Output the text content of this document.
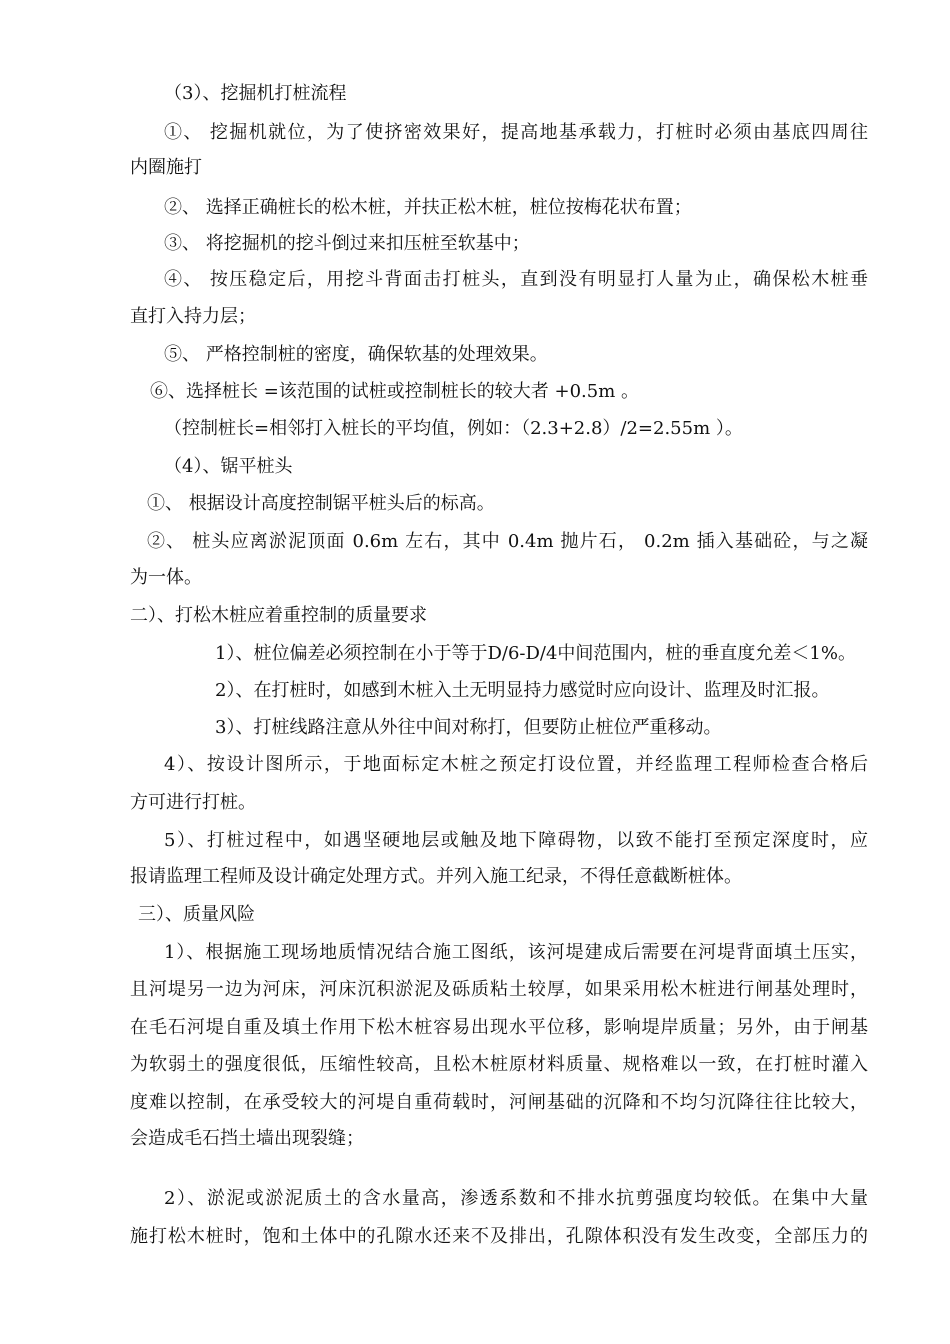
（3）、挖掘机打桩流程
①、 挖掘机就位，为了使挤密效果好，提高地基承载力，打桩时必须由基底四周往
内圈施打
②、 选择正确桩长的松木桩，并扶正松木桩，桩位按梅花状布置；
③、 将挖掘机的挖斗倒过来扣压桩至软基中；
④、 按压稳定后，用挖斗背面击打桩头，直到没有明显打人量为止，确保松木桩垂
直打入持力层；
⑤、 严格控制桩的密度，确保软基的处理效果。
⑥、选择桩长 =该范围的试桩或控制桩长的较大者 +0.5m 。
（控制桩长=相邻打入桩长的平均值，例如：（2.3+2.8）/2=2.55m ）。
（4）、锯平桩头
①、 根据设计高度控制锯平桩头后的标高。
②、 桩头应离淤泥顶面 0.6m 左右，其中 0.4m 抛片石， 0.2m 插入基础砼，与之凝
为一体。
二）、打松木桩应着重控制的质量要求
1）、桩位偏差必须控制在小于等于D/6-D/4中间范围内，桩的垂直度允差＜1%。
2）、在打桩时，如感到木桩入土无明显持力感觉时应向设计、监理及时汇报。
3）、打桩线路注意从外往中间对称打，但要防止桩位严重移动。
4）、按设计图所示，于地面标定木桩之预定打设位置，并经监理工程师检查合格后
方可进行打桩。
5）、打桩过程中，如遇坚硬地层或触及地下障碍物，以致不能打至预定深度时，应
报请监理工程师及设计确定处理方式。并列入施工纪录，不得任意截断桩体。
三）、质量风险
1）、根据施工现场地质情况结合施工图纸，该河堤建成后需要在河堤背面填土压实，
且河堤另一边为河床，河床沉积淤泥及砾质粘土较厚，如果采用松木桩进行闸基处理时，
在毛石河堤自重及填土作用下松木桩容易出现水平位移，影响堤岸质量；另外，由于闸基
为软弱土的强度很低，压缩性较高，且松木桩原材料质量、规格难以一致，在打桩时灌入
度难以控制，在承受较大的河堤自重荷载时，河闸基础的沉降和不均匀沉降往往比较大，
会造成毛石挡土墙出现裂缝；
2）、淤泥或淤泥质土的含水量高，渗透系数和不排水抗剪强度均较低。在集中大量
施打松木桩时，饱和土体中的孔隙水还来不及排出，孔隙体积没有发生改变，全部压力的
